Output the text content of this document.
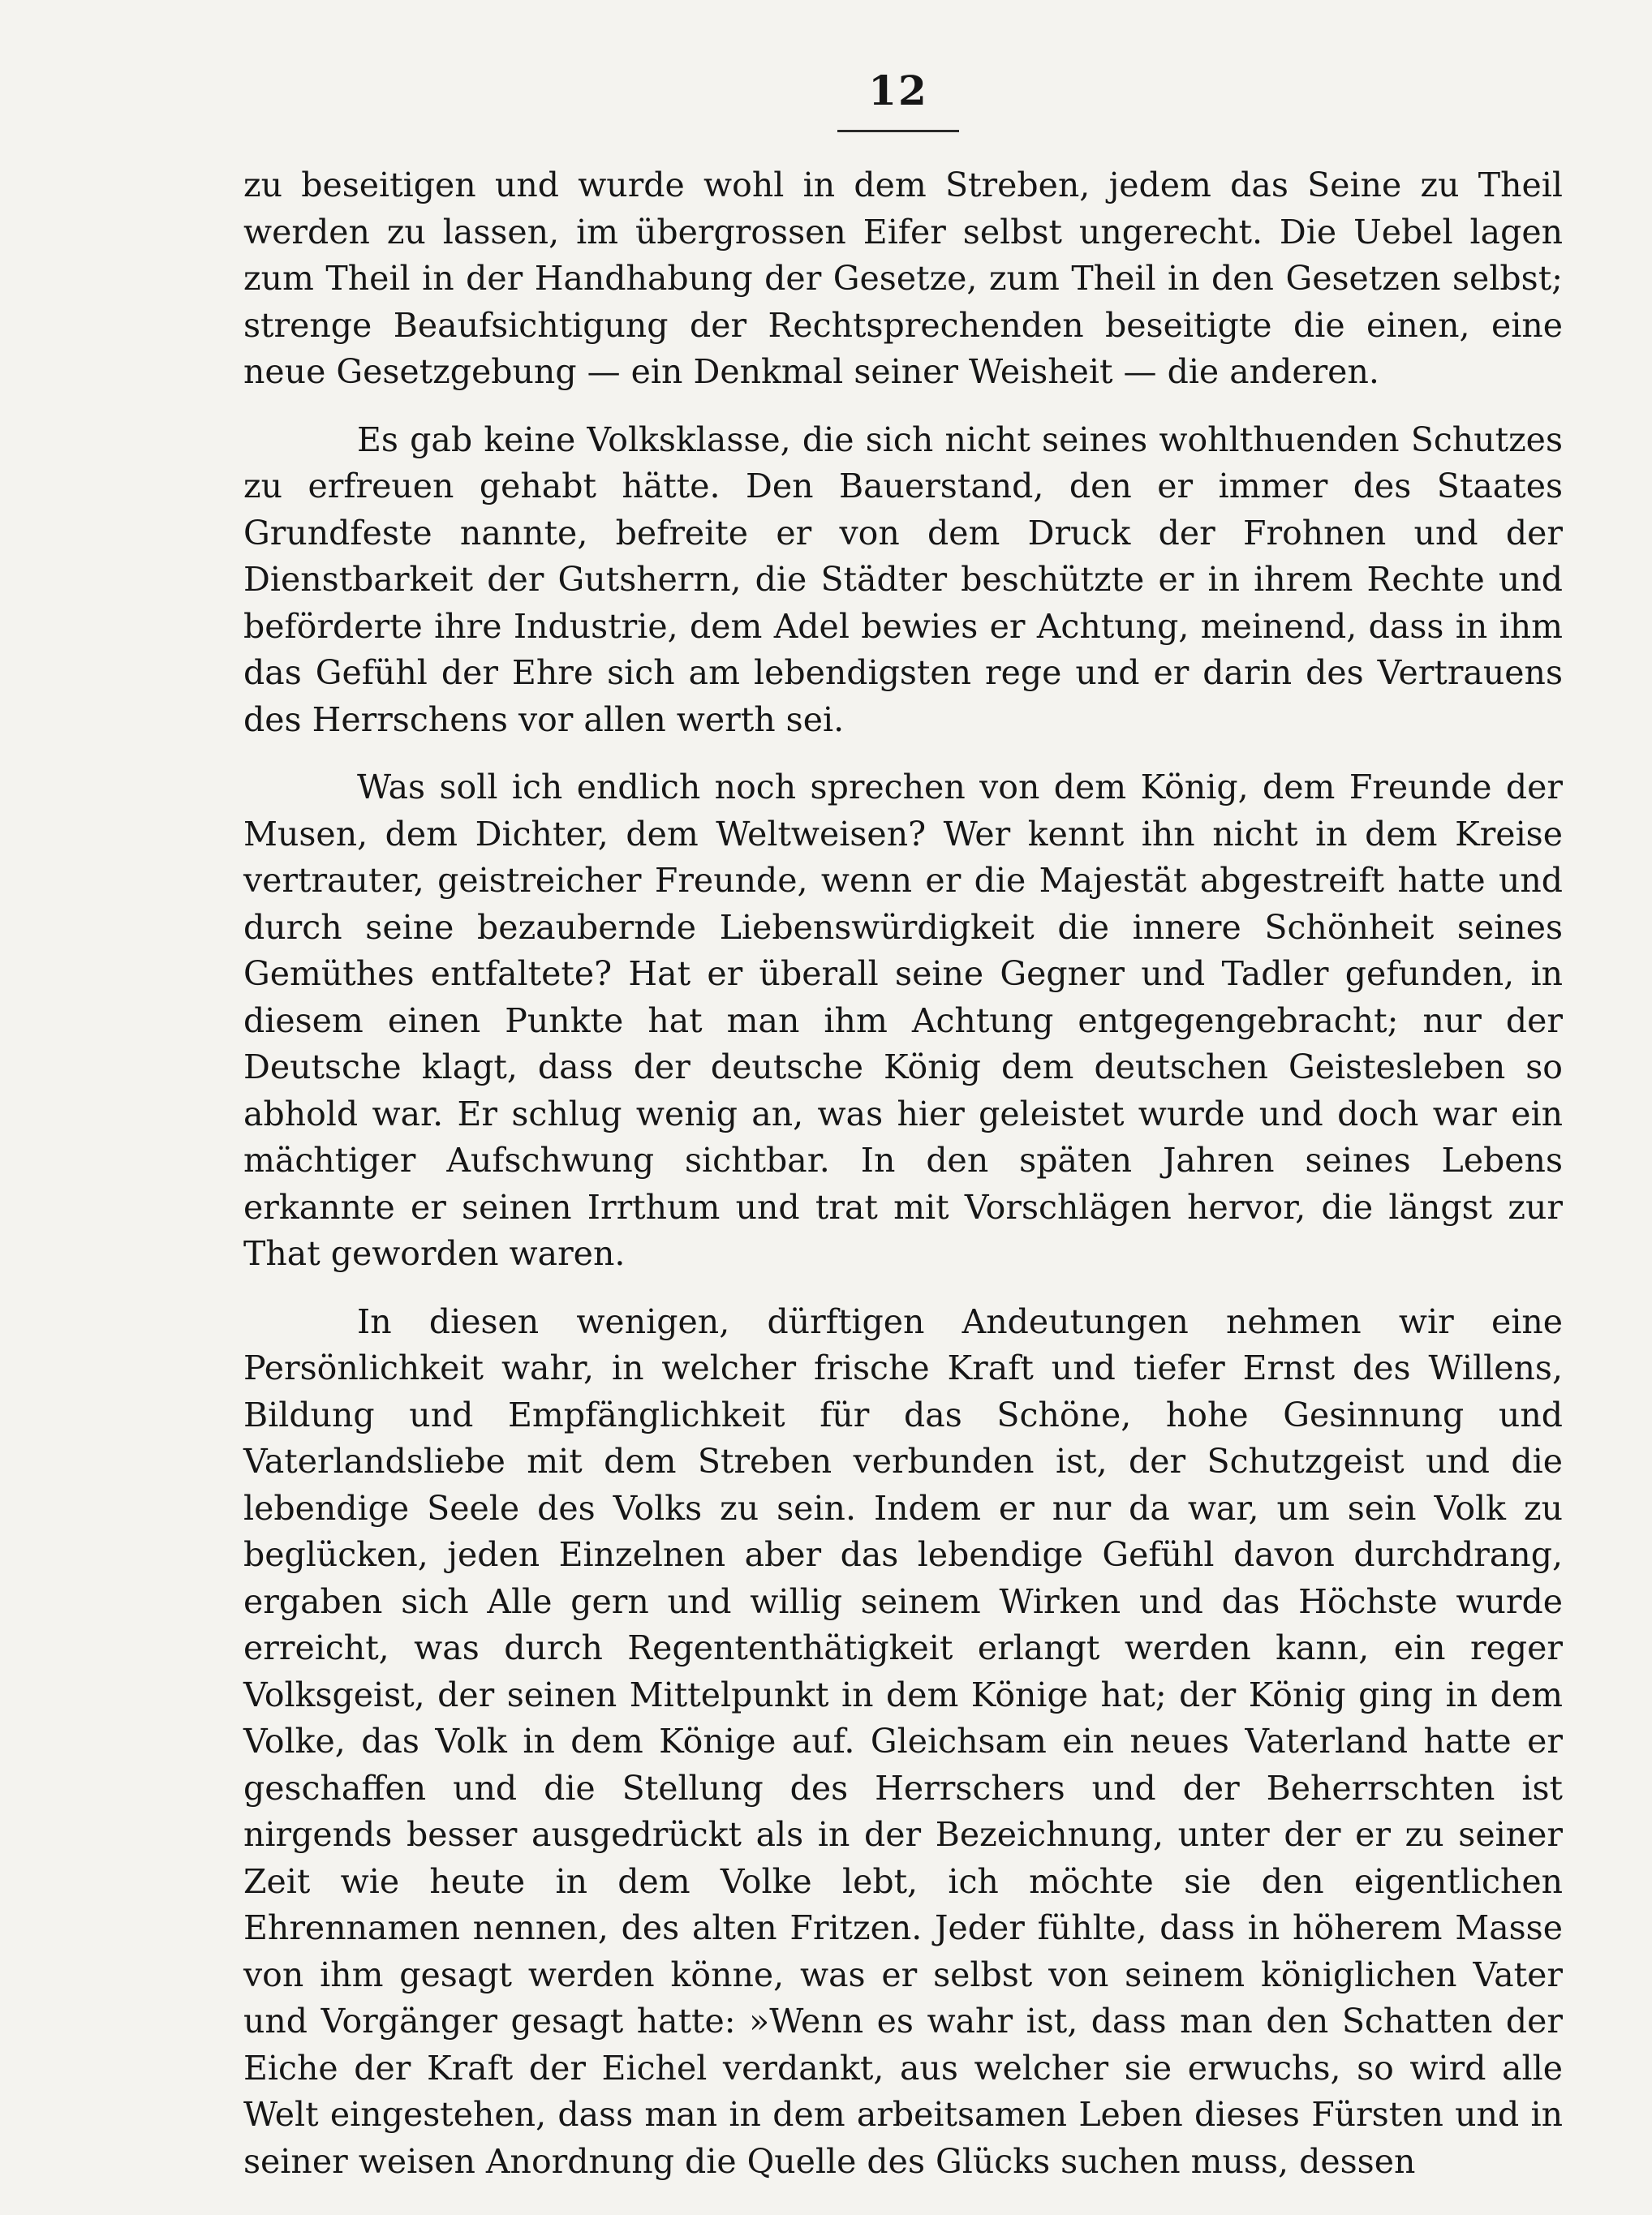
12

zu beseitigen und wurde wohl in dem Streben, jedem das Seine zu Theil werden zu lassen, im übergrossen Eifer selbst ungerecht. Die Uebel lagen zum Theil in der Handhabung der Gesetze, zum Theil in den Gesetzen selbst; strenge Beaufsichtigung der Rechtsprechenden beseitigte die einen, eine neue Gesetzgebung — ein Denkmal seiner Weisheit — die anderen.

Es gab keine Volksklasse, die sich nicht seines wohlthuenden Schutzes zu erfreuen gehabt hätte. Den Bauerstand, den er immer des Staates Grundfeste nannte, befreite er von dem Druck der Frohnen und der Dienstbarkeit der Gutsherrn, die Städter beschützte er in ihrem Rechte und beförderte ihre Industrie, dem Adel bewies er Achtung, meinend, dass in ihm das Gefühl der Ehre sich am lebendigsten rege und er darin des Vertrauens des Herrschens vor allen werth sei.

Was soll ich endlich noch sprechen von dem König, dem Freunde der Musen, dem Dichter, dem Weltweisen? Wer kennt ihn nicht in dem Kreise vertrauter, geistreicher Freunde, wenn er die Majestät abgestreift hatte und durch seine bezaubernde Liebenswürdigkeit die innere Schönheit seines Gemüthes entfaltete? Hat er überall seine Gegner und Tadler gefunden, in diesem einen Punkte hat man ihm Achtung entgegengebracht; nur der Deutsche klagt, dass der deutsche König dem deutschen Geistesleben so abhold war. Er schlug wenig an, was hier geleistet wurde und doch war ein mächtiger Aufschwung sichtbar. In den späten Jahren seines Lebens erkannte er seinen Irrthum und trat mit Vorschlägen hervor, die längst zur That geworden waren.

In diesen wenigen, dürftigen Andeutungen nehmen wir eine Persönlichkeit wahr, in welcher frische Kraft und tiefer Ernst des Willens, Bildung und Empfänglichkeit für das Schöne, hohe Gesinnung und Vaterlandsliebe mit dem Streben verbunden ist, der Schutzgeist und die lebendige Seele des Volks zu sein. Indem er nur da war, um sein Volk zu beglücken, jeden Einzelnen aber das lebendige Gefühl davon durchdrang, ergaben sich Alle gern und willig seinem Wirken und das Höchste wurde erreicht, was durch Regententhätigkeit erlangt werden kann, ein reger Volksgeist, der seinen Mittelpunkt in dem Könige hat; der König ging in dem Volke, das Volk in dem Könige auf. Gleichsam ein neues Vaterland hatte er geschaffen und die Stellung des Herrschers und der Beherrschten ist nirgends besser ausgedrückt als in der Bezeichnung, unter der er zu seiner Zeit wie heute in dem Volke lebt, ich möchte sie den eigentlichen Ehrennamen nennen, des alten Fritzen. Jeder fühlte, dass in höherem Masse von ihm gesagt werden könne, was er selbst von seinem königlichen Vater und Vorgänger gesagt hatte: »Wenn es wahr ist, dass man den Schatten der Eiche der Kraft der Eichel verdankt, aus welcher sie erwuchs, so wird alle Welt eingestehen, dass man in dem arbeitsamen Leben dieses Fürsten und in seiner weisen Anordnung die Quelle des Glücks suchen muss, dessen
